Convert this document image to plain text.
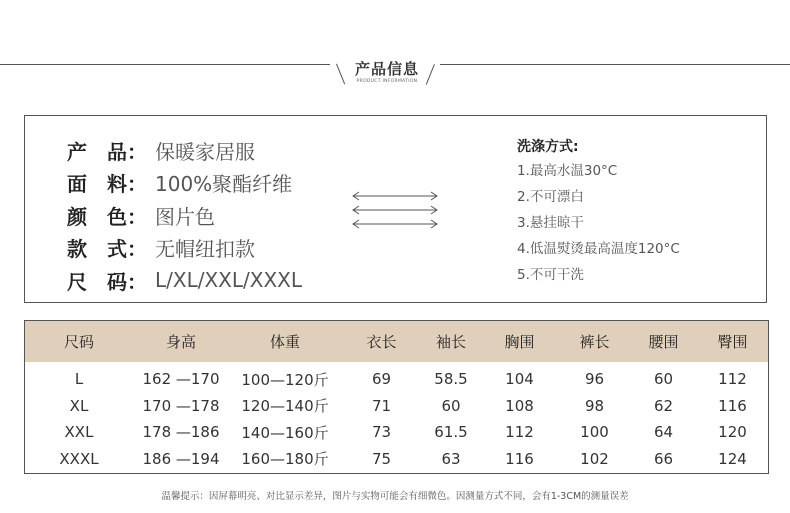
产品信息
PRODUCT INFORMATION
产品 ： 保暖家居服
面料 ： 100%聚酯纤维
颜色 ： 图片色
款式 ： 无帽纽扣款
尺码 ： L/XL/XXL/XXXL
洗涤方式:
1.最高水温30°C
2.不可漂白
3.悬挂晾干
4.低温熨烫最高温度120°C
5.不可干洗
尺码	身高	体重	衣长	袖长	胸围	裤长	腰围	臀围
L	162 —170	100—120斤	69	58.5	104	96	60	112
XL	170 —178	120—140斤	71	60	108	98	62	116
XXL	178 —186	140—160斤	73	61.5	112	100	64	120
XXXL	186 —194	160—180斤	75	63	116	102	66	124
温馨提示：因屏幕明亮、对比显示差异，图片与实物可能会有细微色。因测量方式不同，会有1-3CM的测量误差
